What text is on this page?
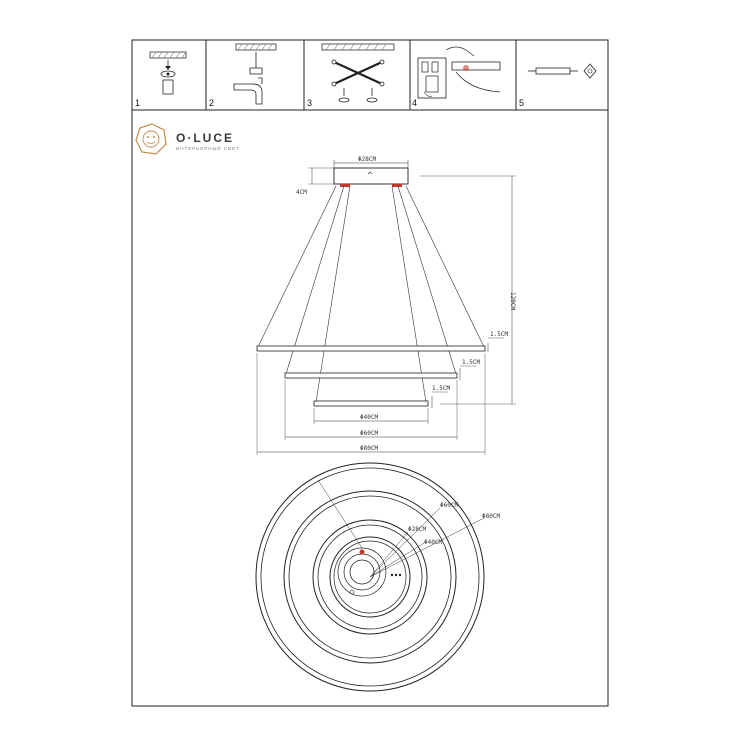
1	2	3	4	5
O·LUCE
ИНТЕРЬЕРНЫЙ СВЕТ
Φ28CM
4CM
120CM
1.5CM
1.5CM
1.5CM
Φ40CM
Φ60CM
Φ80CM
Φ80CM
Φ60CM
Φ28CM
Φ40CM
